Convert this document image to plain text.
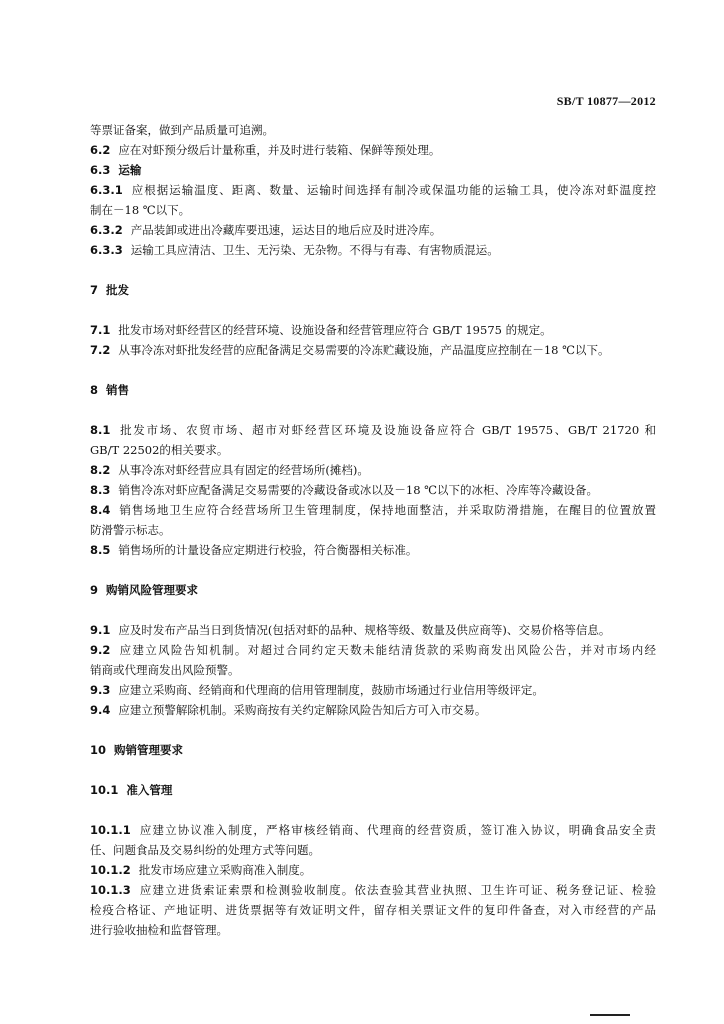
SB/T 10877—2012
等票证备案，做到产品质量可追溯。
6.2 应在对虾预分级后计量称重，并及时进行装箱、保鲜等预处理。
6.3 运输
6.3.1 应根据运输温度、距离、数量、运输时间选择有制冷或保温功能的运输工具，使冷冻对虾温度控
制在－18 ℃以下。
6.3.2 产品装卸或进出冷藏库要迅速，运达目的地后应及时进冷库。
6.3.3 运输工具应清洁、卫生、无污染、无杂物。不得与有毒、有害物质混运。
7 批发
7.1 批发市场对虾经营区的经营环境、设施设备和经营管理应符合 GB/T 19575 的规定。
7.2 从事冷冻对虾批发经营的应配备满足交易需要的冷冻贮藏设施，产品温度应控制在－18 ℃以下。
8 销售
8.1 批发市场、农贸市场、超市对虾经营区环境及设施设备应符合 GB/T 19575、GB/T 21720 和
GB/T 22502的相关要求。
8.2 从事冷冻对虾经营应具有固定的经营场所(摊档)。
8.3 销售冷冻对虾应配备满足交易需要的冷藏设备或冰以及－18 ℃以下的冰柜、冷库等冷藏设备。
8.4 销售场地卫生应符合经营场所卫生管理制度，保持地面整洁，并采取防滑措施，在醒目的位置放置
防滑警示标志。
8.5 销售场所的计量设备应定期进行校验，符合衡器相关标准。
9 购销风险管理要求
9.1 应及时发布产品当日到货情况(包括对虾的品种、规格等级、数量及供应商等)、交易价格等信息。
9.2 应建立风险告知机制。对超过合同约定天数未能结清货款的采购商发出风险公告，并对市场内经
销商或代理商发出风险预警。
9.3 应建立采购商、经销商和代理商的信用管理制度，鼓励市场通过行业信用等级评定。
9.4 应建立预警解除机制。采购商按有关约定解除风险告知后方可入市交易。
10 购销管理要求
10.1 准入管理
10.1.1 应建立协议准入制度，严格审核经销商、代理商的经营资质，签订准入协议，明确食品安全责
任、问题食品及交易纠纷的处理方式等问题。
10.1.2 批发市场应建立采购商准入制度。
10.1.3 应建立进货索证索票和检测验收制度。依法查验其营业执照、卫生许可证、税务登记证、检验
检疫合格证、产地证明、进货票据等有效证明文件，留存相关票证文件的复印件备查，对入市经营的产品
进行验收抽检和监督管理。
